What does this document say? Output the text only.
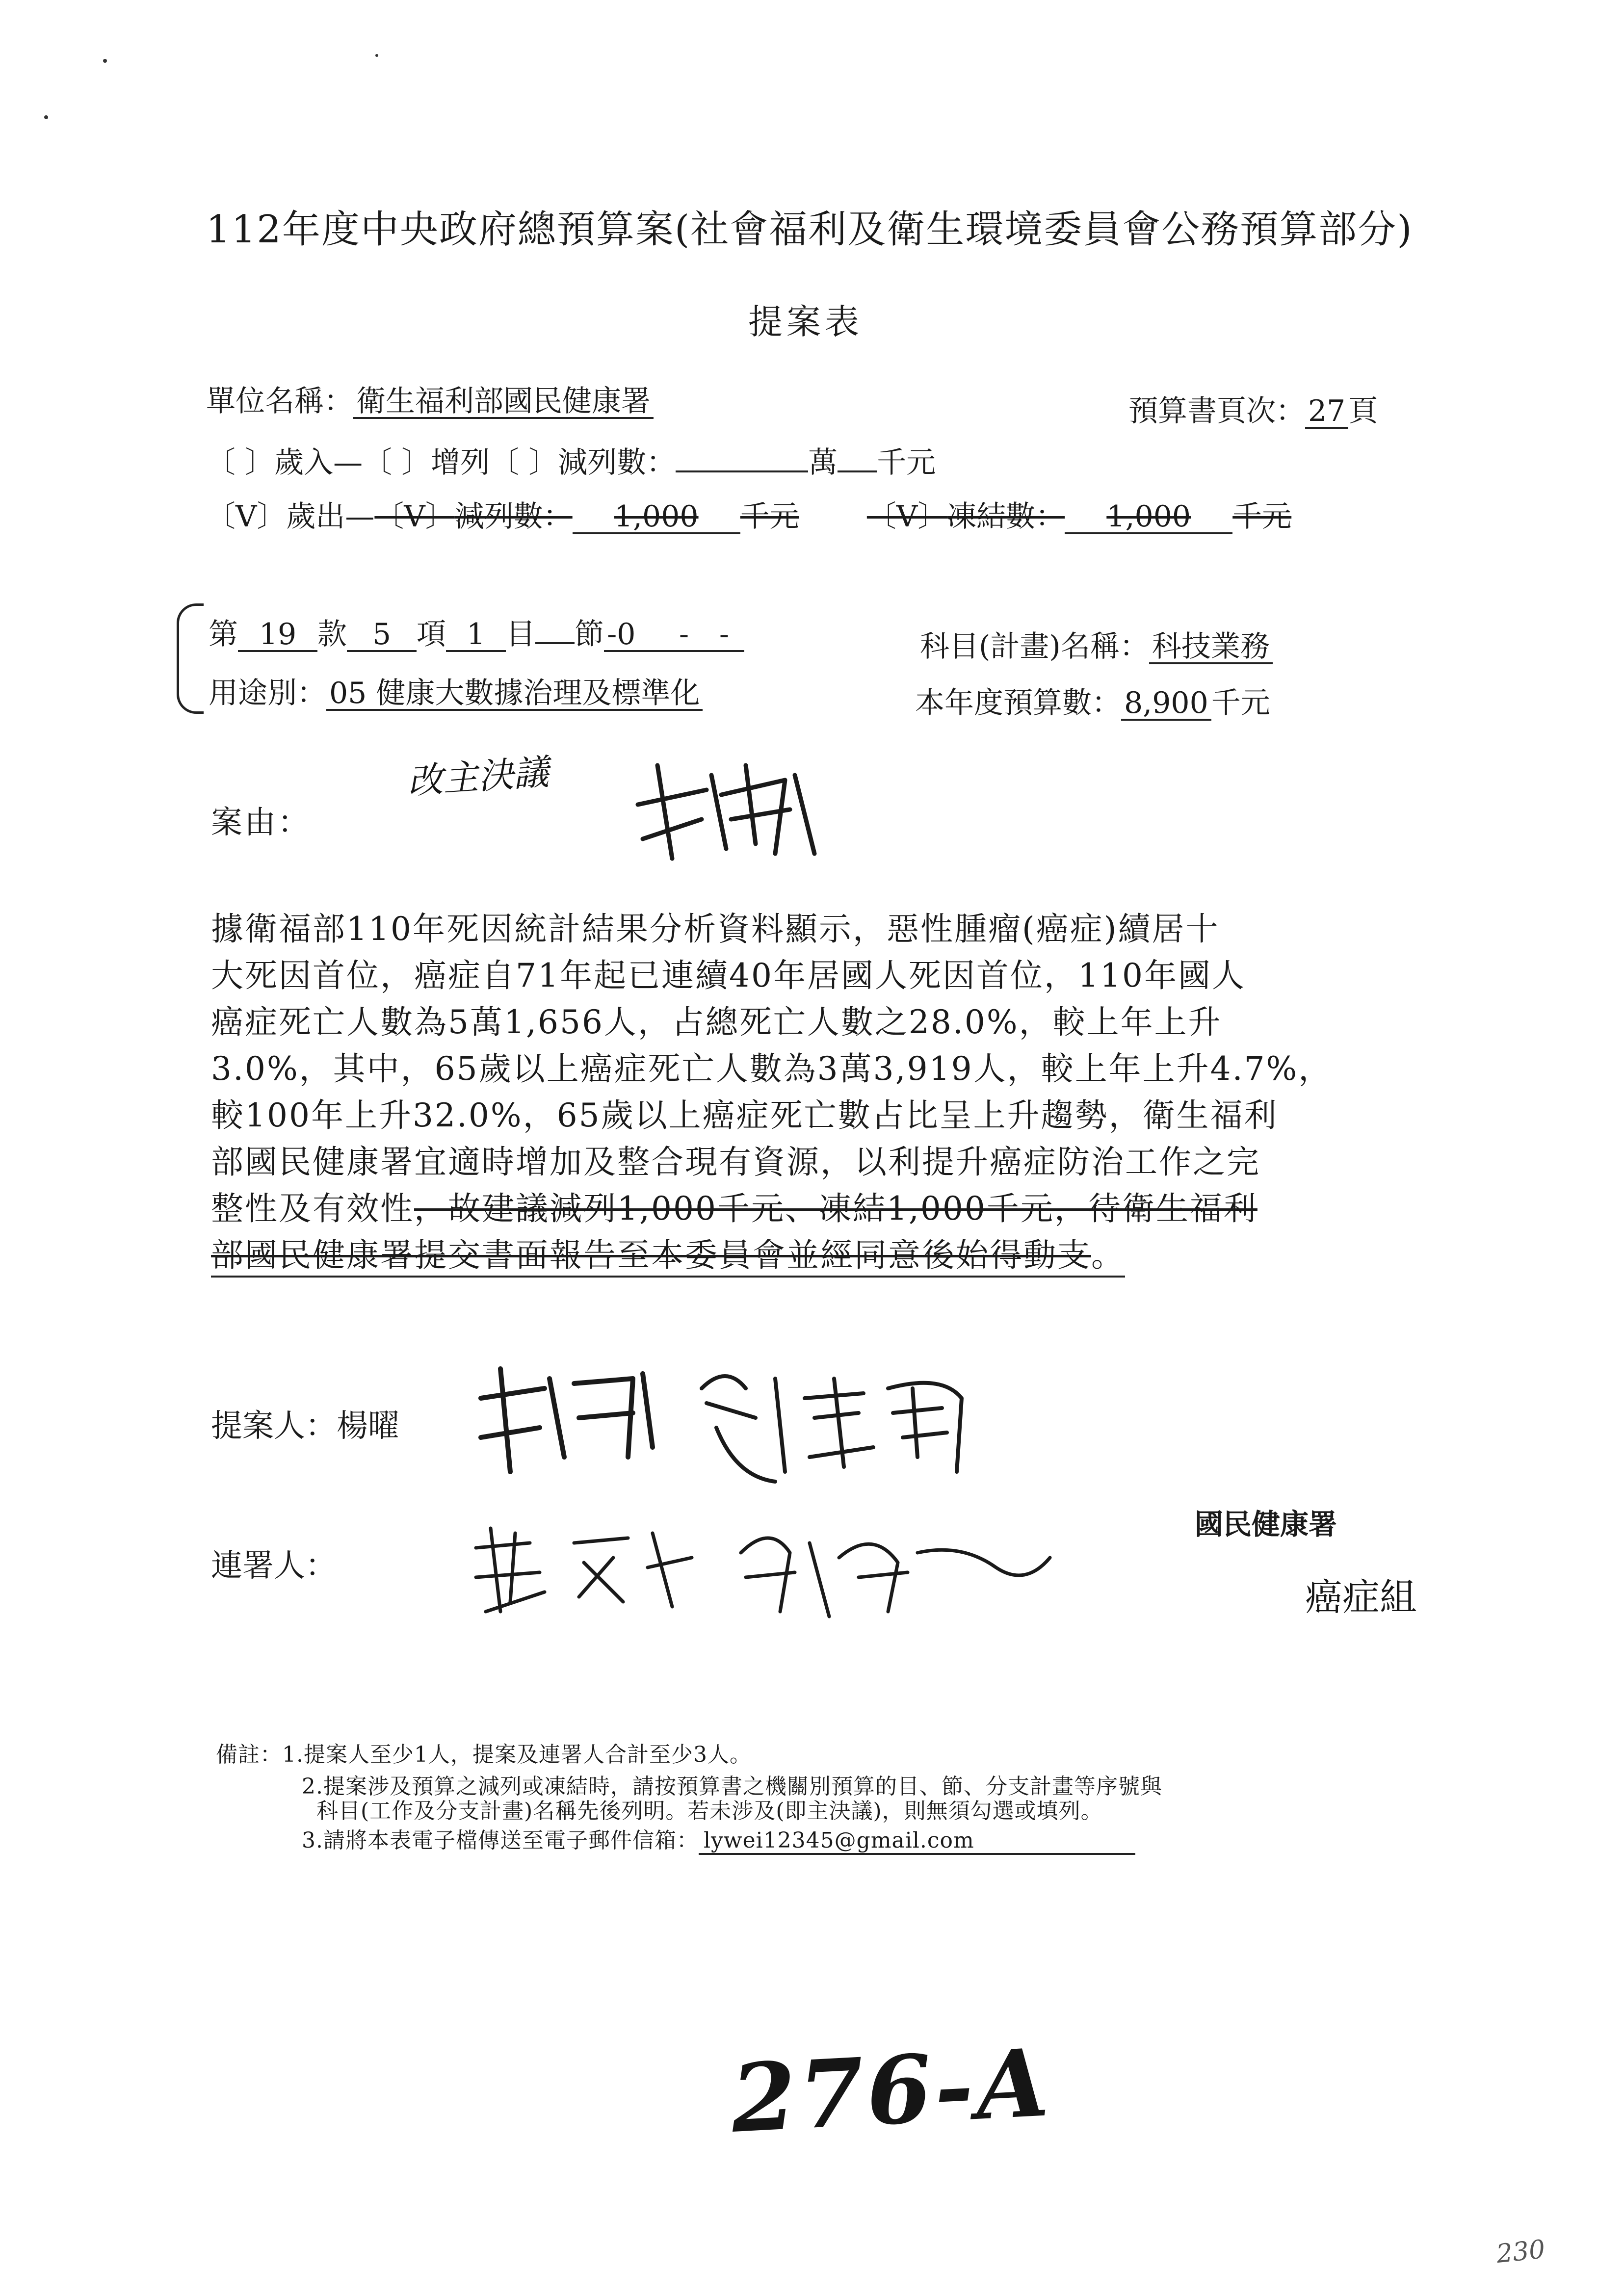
112年度中央政府總預算案(社會福利及衛生環境委員會公務預算部分)
提案表
單位名稱： 衛生福利部國民健康署	預算書頁次： 27 頁
〔 〕歲入—〔 〕增列〔 〕減列數：	萬 千元
〔V〕歲出—〔V〕減列數： 1,000 千元 〔V〕凍結數： 1,000 千元
第 19 款 5 項 1 目 節 -0 - -
用途別： 05 健康大數據治理及標準化
科目(計畫)名稱： 科技業務
本年度預算數： 8,900 千元
案由：
改主決議
據衛福部110年死因統計結果分析資料顯示，惡性腫瘤(癌症)續居十
大死因首位，癌症自71年起已連續40年居國人死因首位，110年國人
癌症死亡人數為5萬1,656人，占總死亡人數之28.0%，較上年上升
3.0%，其中，65歲以上癌症死亡人數為3萬3,919人，較上年上升4.7%，
較100年上升32.0%，65歲以上癌症死亡數占比呈上升趨勢，衛生福利
部國民健康署宜適時增加及整合現有資源，以利提升癌症防治工作之完
整性及有效性，故建議減列1,000千元、凍結1,000千元，待衛生福利
部國民健康署提交書面報告至本委員會並經同意後始得動支。
提案人：楊曜
連署人：
國民健康署
癌症組
備註：1.提案人至少1人，提案及連署人合計至少3人。
2.提案涉及預算之減列或凍結時，請按預算書之機關別預算的目、節、分支計畫等序號與
科目(工作及分支計畫)名稱先後列明。若未涉及(即主決議)，則無須勾選或填列。
3.請將本表電子檔傳送至電子郵件信箱： lywei12345@gmail.com
276-A
230
